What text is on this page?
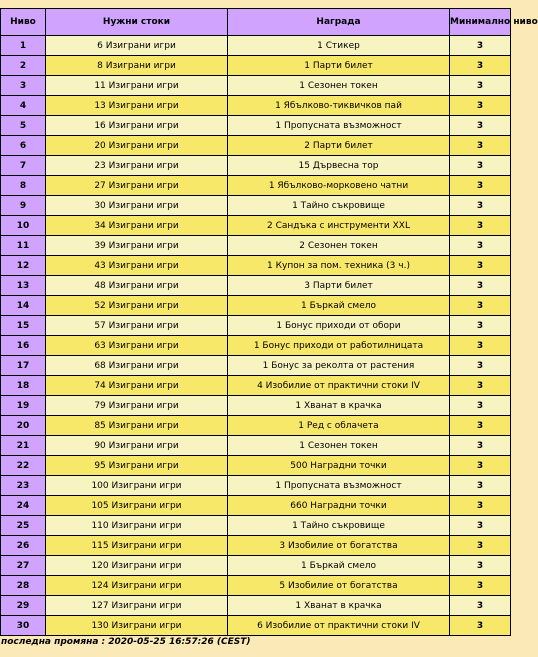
Ниво	Нужни стоки	Награда	Минимално ниво
1	6 Изиграни игри	1 Стикер	3
2	8 Изиграни игри	1 Парти билет	3
3	11 Изиграни игри	1 Сезонен токен	3
4	13 Изиграни игри	1 Ябълково-тиквичков пай	3
5	16 Изиграни игри	1 Пропусната възможност	3
6	20 Изиграни игри	2 Парти билет	3
7	23 Изиграни игри	15 Дървесна тор	3
8	27 Изиграни игри	1 Ябълково-морковено чатни	3
9	30 Изиграни игри	1 Тайно съкровище	3
10	34 Изиграни игри	2 Сандъка с инструменти XXL	3
11	39 Изиграни игри	2 Сезонен токен	3
12	43 Изиграни игри	1 Купон за пом. техника (3 ч.)	3
13	48 Изиграни игри	3 Парти билет	3
14	52 Изиграни игри	1 Бъркай смело	3
15	57 Изиграни игри	1 Бонус приходи от обори	3
16	63 Изиграни игри	1 Бонус приходи от работилницата	3
17	68 Изиграни игри	1 Бонус за реколта от растения	3
18	74 Изиграни игри	4 Изобилие от практични стоки IV	3
19	79 Изиграни игри	1 Хванат в крачка	3
20	85 Изиграни игри	1 Ред с облачета	3
21	90 Изиграни игри	1 Сезонен токен	3
22	95 Изиграни игри	500 Наградни точки	3
23	100 Изиграни игри	1 Пропусната възможност	3
24	105 Изиграни игри	660 Наградни точки	3
25	110 Изиграни игри	1 Тайно съкровище	3
26	115 Изиграни игри	3 Изобилие от богатства	3
27	120 Изиграни игри	1 Бъркай смело	3
28	124 Изиграни игри	5 Изобилие от богатства	3
29	127 Изиграни игри	1 Хванат в крачка	3
30	130 Изиграни игри	6 Изобилие от практични стоки IV	3
последна промяна : 2020-05-25 16:57:26 (CEST)
